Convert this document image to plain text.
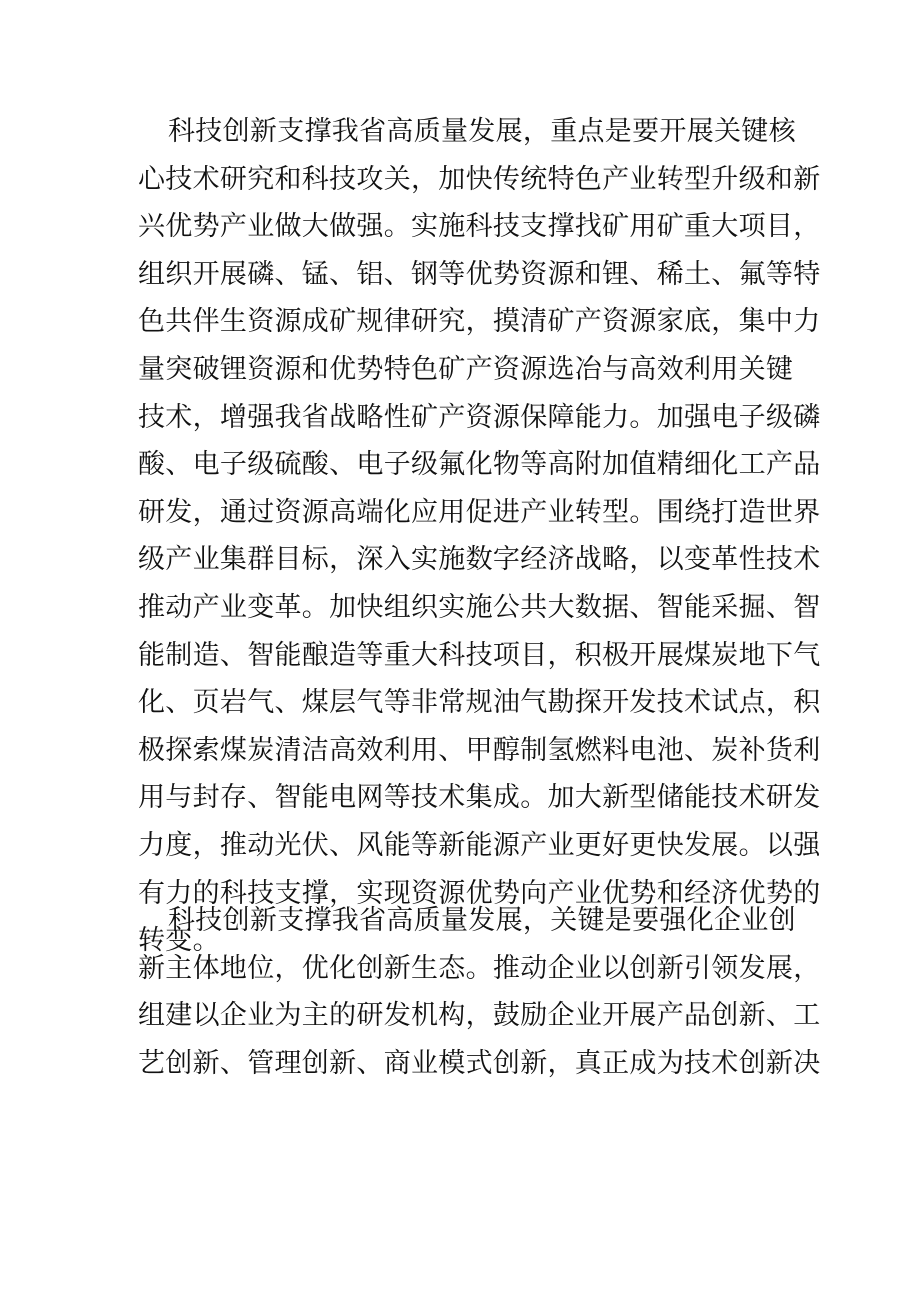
科技创新支撑我省高质量发展，重点是要开展关键核
心技术研究和科技攻关，加快传统特色产业转型升级和新
兴优势产业做大做强。实施科技支撑找矿用矿重大项目，
组织开展磷、锰、铝、钢等优势资源和锂、稀土、氟等特
色共伴生资源成矿规律研究，摸清矿产资源家底，集中力
量突破锂资源和优势特色矿产资源选冶与高效利用关键
技术，增强我省战略性矿产资源保障能力。加强电子级磷
酸、电子级硫酸、电子级氟化物等高附加值精细化工产品
研发，通过资源高端化应用促进产业转型。围绕打造世界
级产业集群目标，深入实施数字经济战略，以变革性技术
推动产业变革。加快组织实施公共大数据、智能采掘、智
能制造、智能酿造等重大科技项目，积极开展煤炭地下气
化、页岩气、煤层气等非常规油气勘探开发技术试点，积
极探索煤炭清洁高效利用、甲醇制氢燃料电池、炭补货利
用与封存、智能电网等技术集成。加大新型储能技术研发
力度，推动光伏、风能等新能源产业更好更快发展。以强
有力的科技支撑，实现资源优势向产业优势和经济优势的
转变。
科技创新支撑我省高质量发展，关键是要强化企业创
新主体地位，优化创新生态。推动企业以创新引领发展，
组建以企业为主的研发机构，鼓励企业开展产品创新、工
艺创新、管理创新、商业模式创新，真正成为技术创新决
